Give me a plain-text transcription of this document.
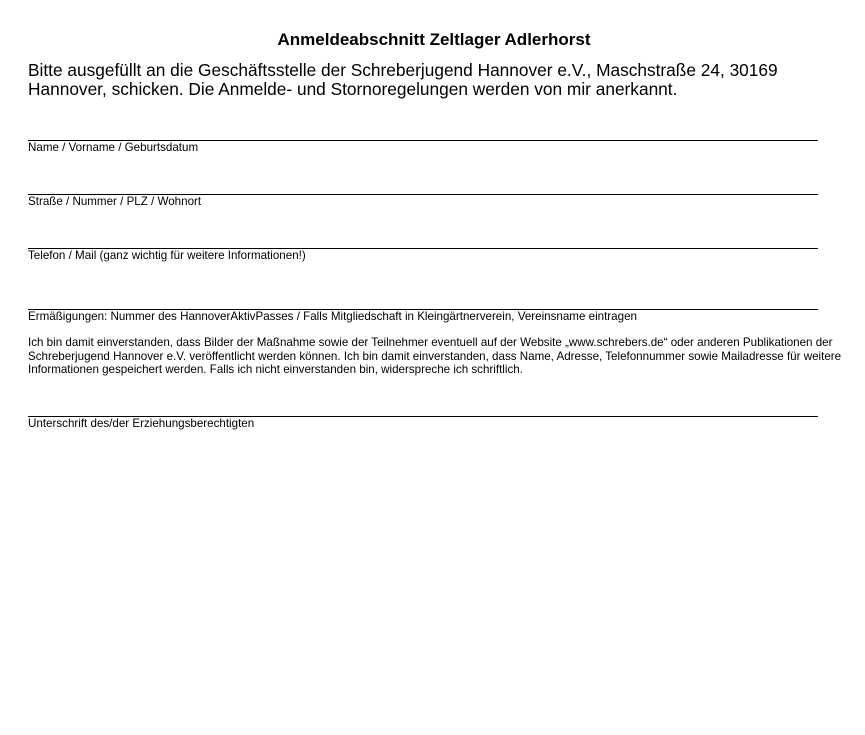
Anmeldeabschnitt Zeltlager Adlerhorst

Bitte ausgefüllt an die Geschäftsstelle der Schreberjugend Hannover e.V., Maschstraße 24, 30169 Hannover, schicken. Die Anmelde- und Stornoregelungen werden von mir anerkannt.

Name / Vorname / Geburtsdatum
Straße / Nummer / PLZ / Wohnort
Telefon / Mail (ganz wichtig für weitere Informationen!)
Ermäßigungen: Nummer des HannoverAktivPasses / Falls Mitgliedschaft in Kleingärtnerverein, Vereinsname eintragen

Ich bin damit einverstanden, dass Bilder der Maßnahme sowie der Teilnehmer eventuell auf der Website „www.schrebers.de“ oder anderen Publikationen der Schreberjugend Hannover e.V. veröffentlicht werden können. Ich bin damit einverstanden, dass Name, Adresse, Telefonnummer sowie Mailadresse für weitere Informationen gespeichert werden. Falls ich nicht einverstanden bin, widerspreche ich schriftlich.

Unterschrift des/der Erziehungsberechtigten
